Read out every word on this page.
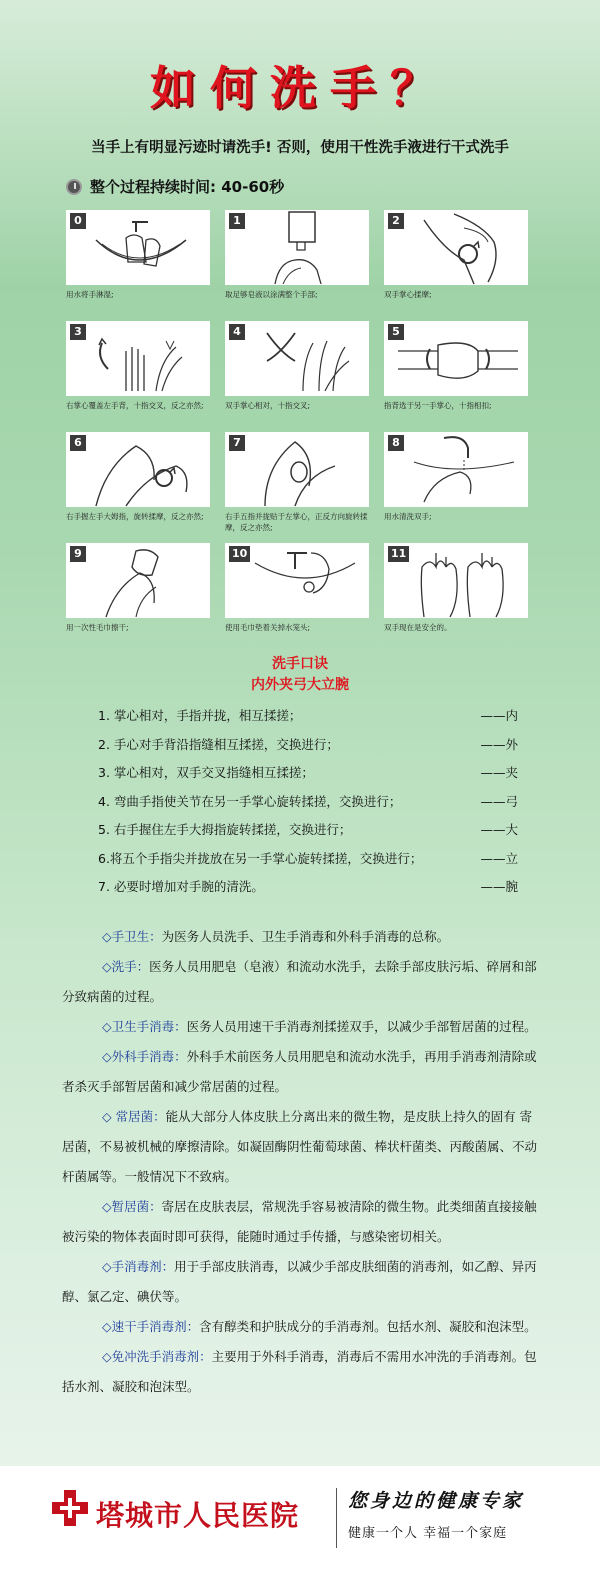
如何洗手？
当手上有明显污迹时请洗手! 否则，使用干性洗手液进行干式洗手
整个过程持续时间: 40-60秒
0
用水将手淋湿;
1
取足够皂液以涂满整个手部;
2
双手掌心揉摩;
3
右掌心覆盖左手背，十指交叉，反之亦然;
4
双手掌心相对，十指交叉;
5
指背选于另一手掌心，十指相扣;
6
右手握左手大姆指，旋转揉摩，反之亦然;
7
右手五指并拢贴于左掌心，正反方向旋转揉摩，反之亦然;
8
用水清洗双手;
9
用一次性毛巾擦干;
10
使用毛巾垫着关掉水笼头;
11
双手现在是安全的。
洗手口诀
内外夹弓大立腕
1. 掌心相对，手指并拢，相互揉搓；	——内
2. 手心对手背沿指缝相互揉搓，交换进行；	——外
3. 掌心相对，双手交叉指缝相互揉搓；	——夹
4. 弯曲手指使关节在另一手掌心旋转揉搓，交换进行；	——弓
5. 右手握住左手大拇指旋转揉搓，交换进行；	——大
6.将五个手指尖并拢放在另一手掌心旋转揉搓，交换进行；	——立
7. 必要时增加对手腕的清洗。	——腕

◇手卫生：为医务人员洗手、卫生手消毒和外科手消毒的总称。

◇洗手：医务人员用肥皂（皂液）和流动水洗手，去除手部皮肤污垢、碎屑和部分致病菌的过程。

◇卫生手消毒：医务人员用速干手消毒剂揉搓双手，以减少手部暂居菌的过程。

◇外科手消毒：外科手术前医务人员用肥皂和流动水洗手，再用手消毒剂清除或者杀灭手部暂居菌和减少常居菌的过程。

◇ 常居菌：能从大部分人体皮肤上分离出来的微生物，是皮肤上持久的固有 寄居菌，不易被机械的摩擦清除。如凝固酶阴性葡萄球菌、棒状杆菌类、丙酸菌属、不动杆菌属等。一般情况下不致病。

◇暂居菌：寄居在皮肤表层，常规洗手容易被清除的微生物。此类细菌直接接触被污染的物体表面时即可获得，能随时通过手传播，与感染密切相关。

◇手消毒剂：用于手部皮肤消毒，以减少手部皮肤细菌的消毒剂，如乙醇、异丙醇、氯乙定、碘伏等。

◇速干手消毒剂：含有醇类和护肤成分的手消毒剂。包括水剂、凝胶和泡沫型。

◇免冲洗手消毒剂：主要用于外科手消毒，消毒后不需用水冲洗的手消毒剂。包括水剂、凝胶和泡沫型。

塔城市人民医院	您身边的健康专家
健康一个人 幸福一个家庭
